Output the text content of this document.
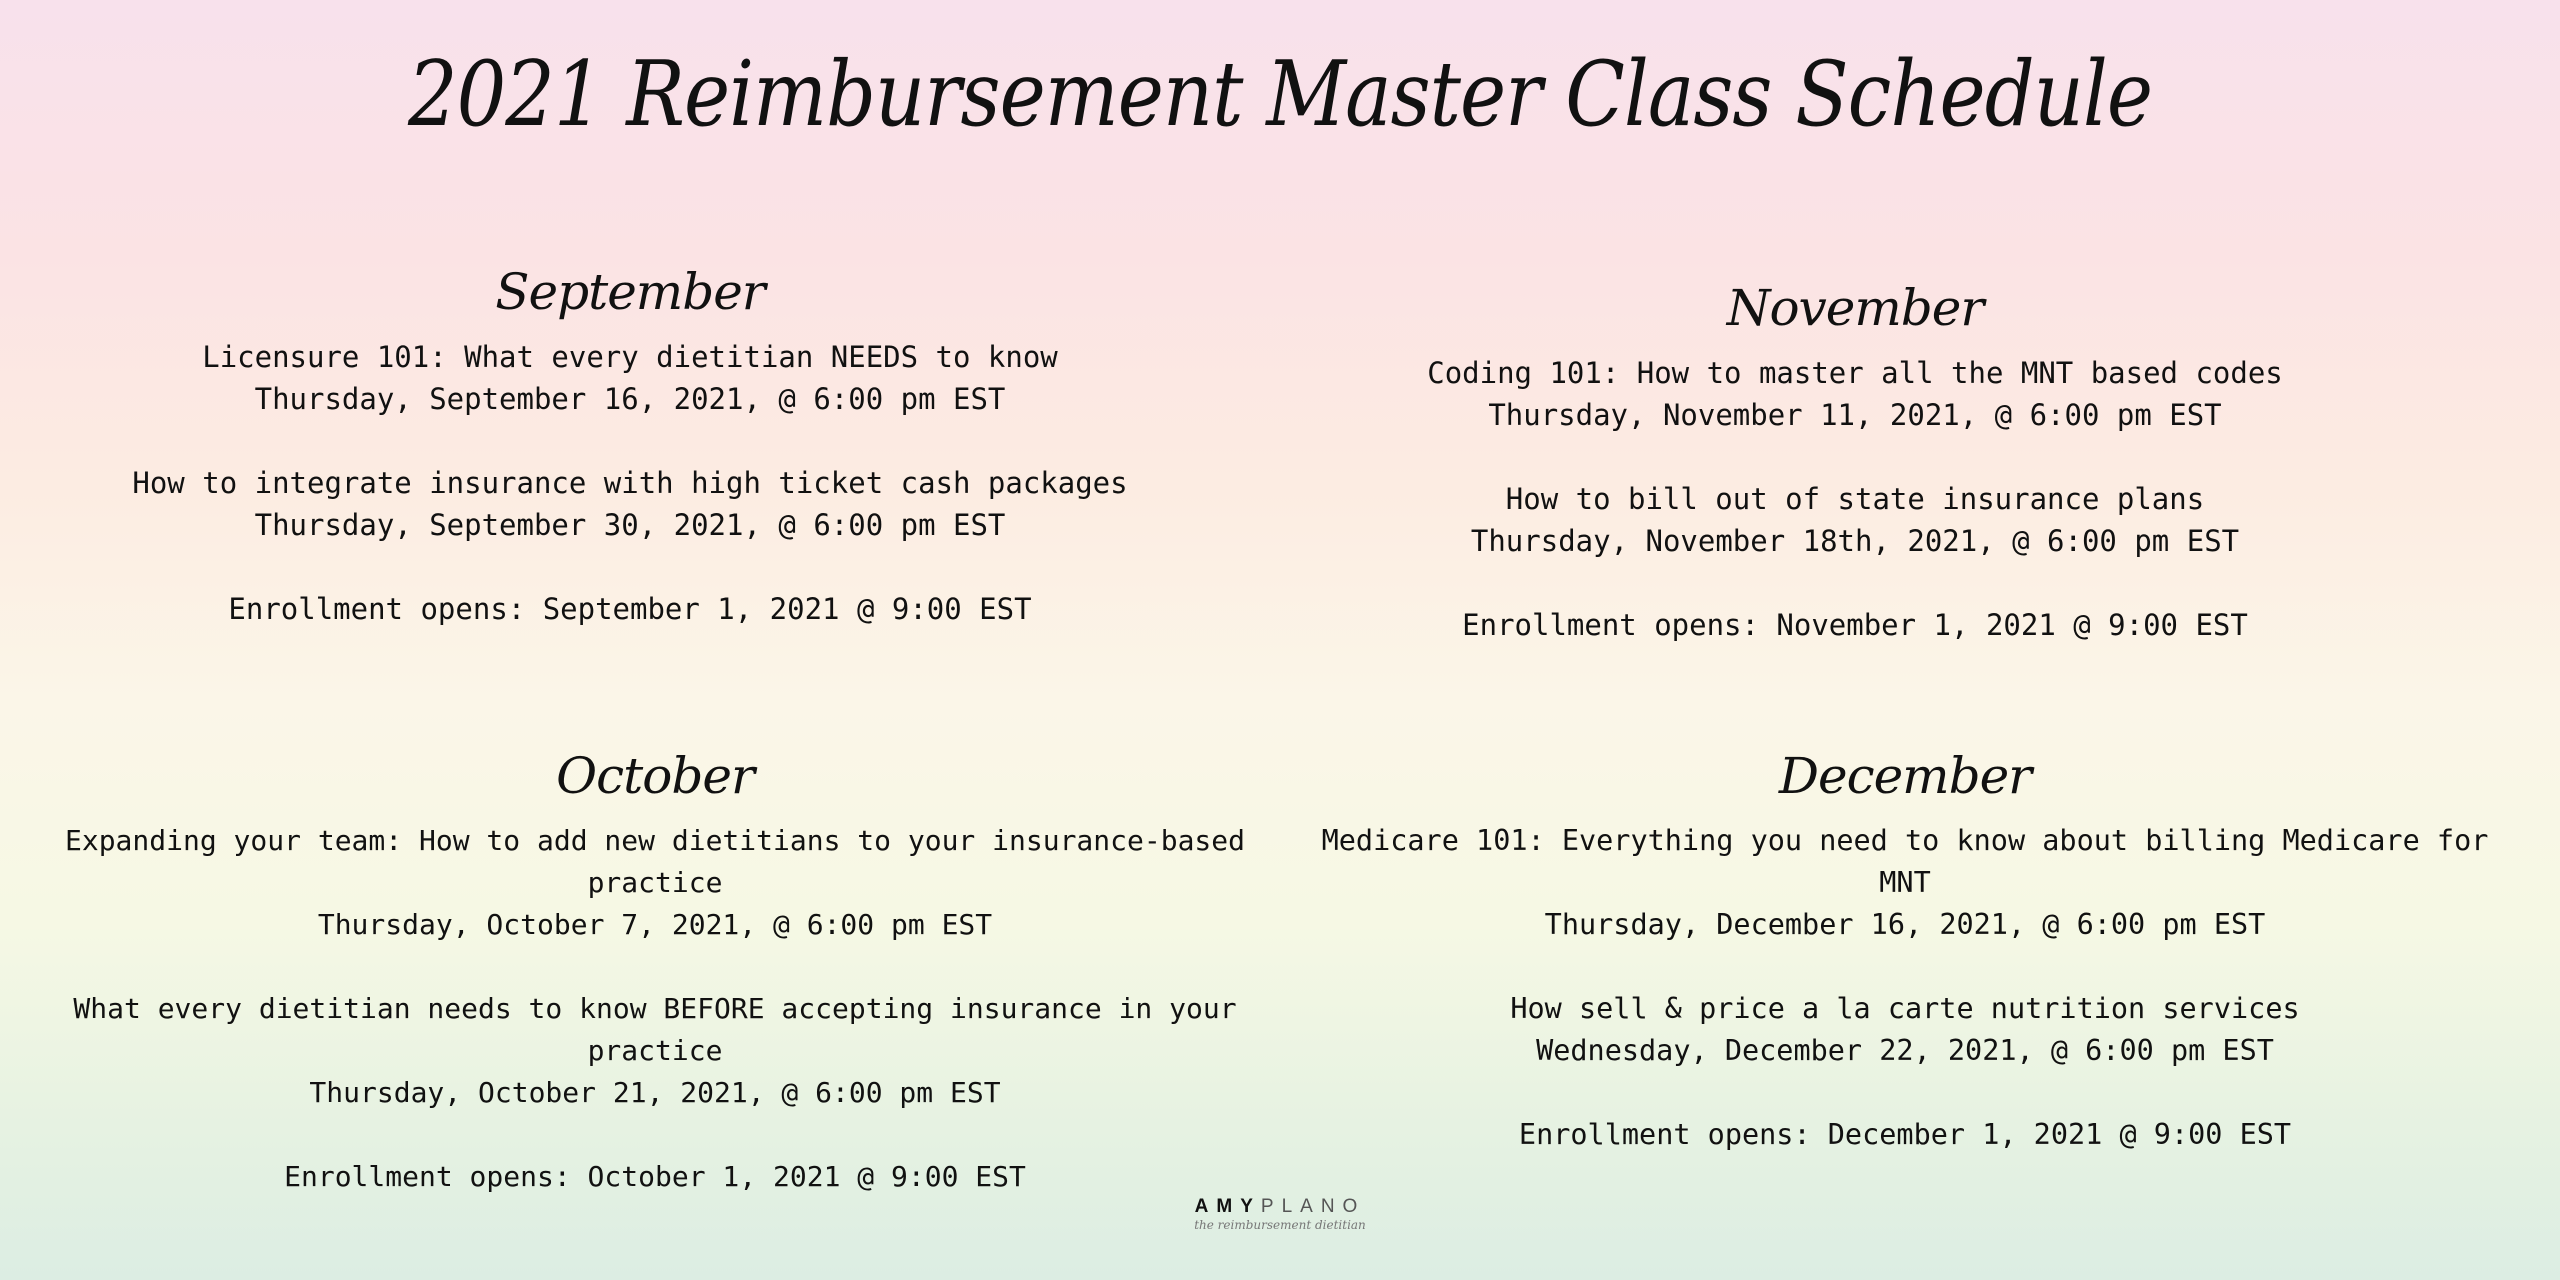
2021 Reimbursement Master Class Schedule
September
Licensure 101: What every dietitian NEEDS to know
Thursday, September 16, 2021, @ 6:00 pm EST
How to integrate insurance with high ticket cash packages
Thursday, September 30, 2021, @ 6:00 pm EST
Enrollment opens: September 1, 2021 @ 9:00 EST
November
Coding 101: How to master all the MNT based codes
Thursday, November 11, 2021, @ 6:00 pm EST
How to bill out of state insurance plans
Thursday, November 18th, 2021, @ 6:00 pm EST
Enrollment opens: November 1, 2021 @ 9:00 EST
October
Expanding your team: How to add new dietitians to your insurance-based practice
Thursday, October 7, 2021, @ 6:00 pm EST
What every dietitian needs to know BEFORE accepting insurance in your practice
Thursday, October 21, 2021, @ 6:00 pm EST
Enrollment opens: October 1, 2021 @ 9:00 EST
December
Medicare 101: Everything you need to know about billing Medicare for MNT
Thursday, December 16, 2021, @ 6:00 pm EST
How sell & price a la carte nutrition services
Wednesday, December 22, 2021, @ 6:00 pm EST
Enrollment opens: December 1, 2021 @ 9:00 EST
AMYPLANO
the reimbursement dietitian
